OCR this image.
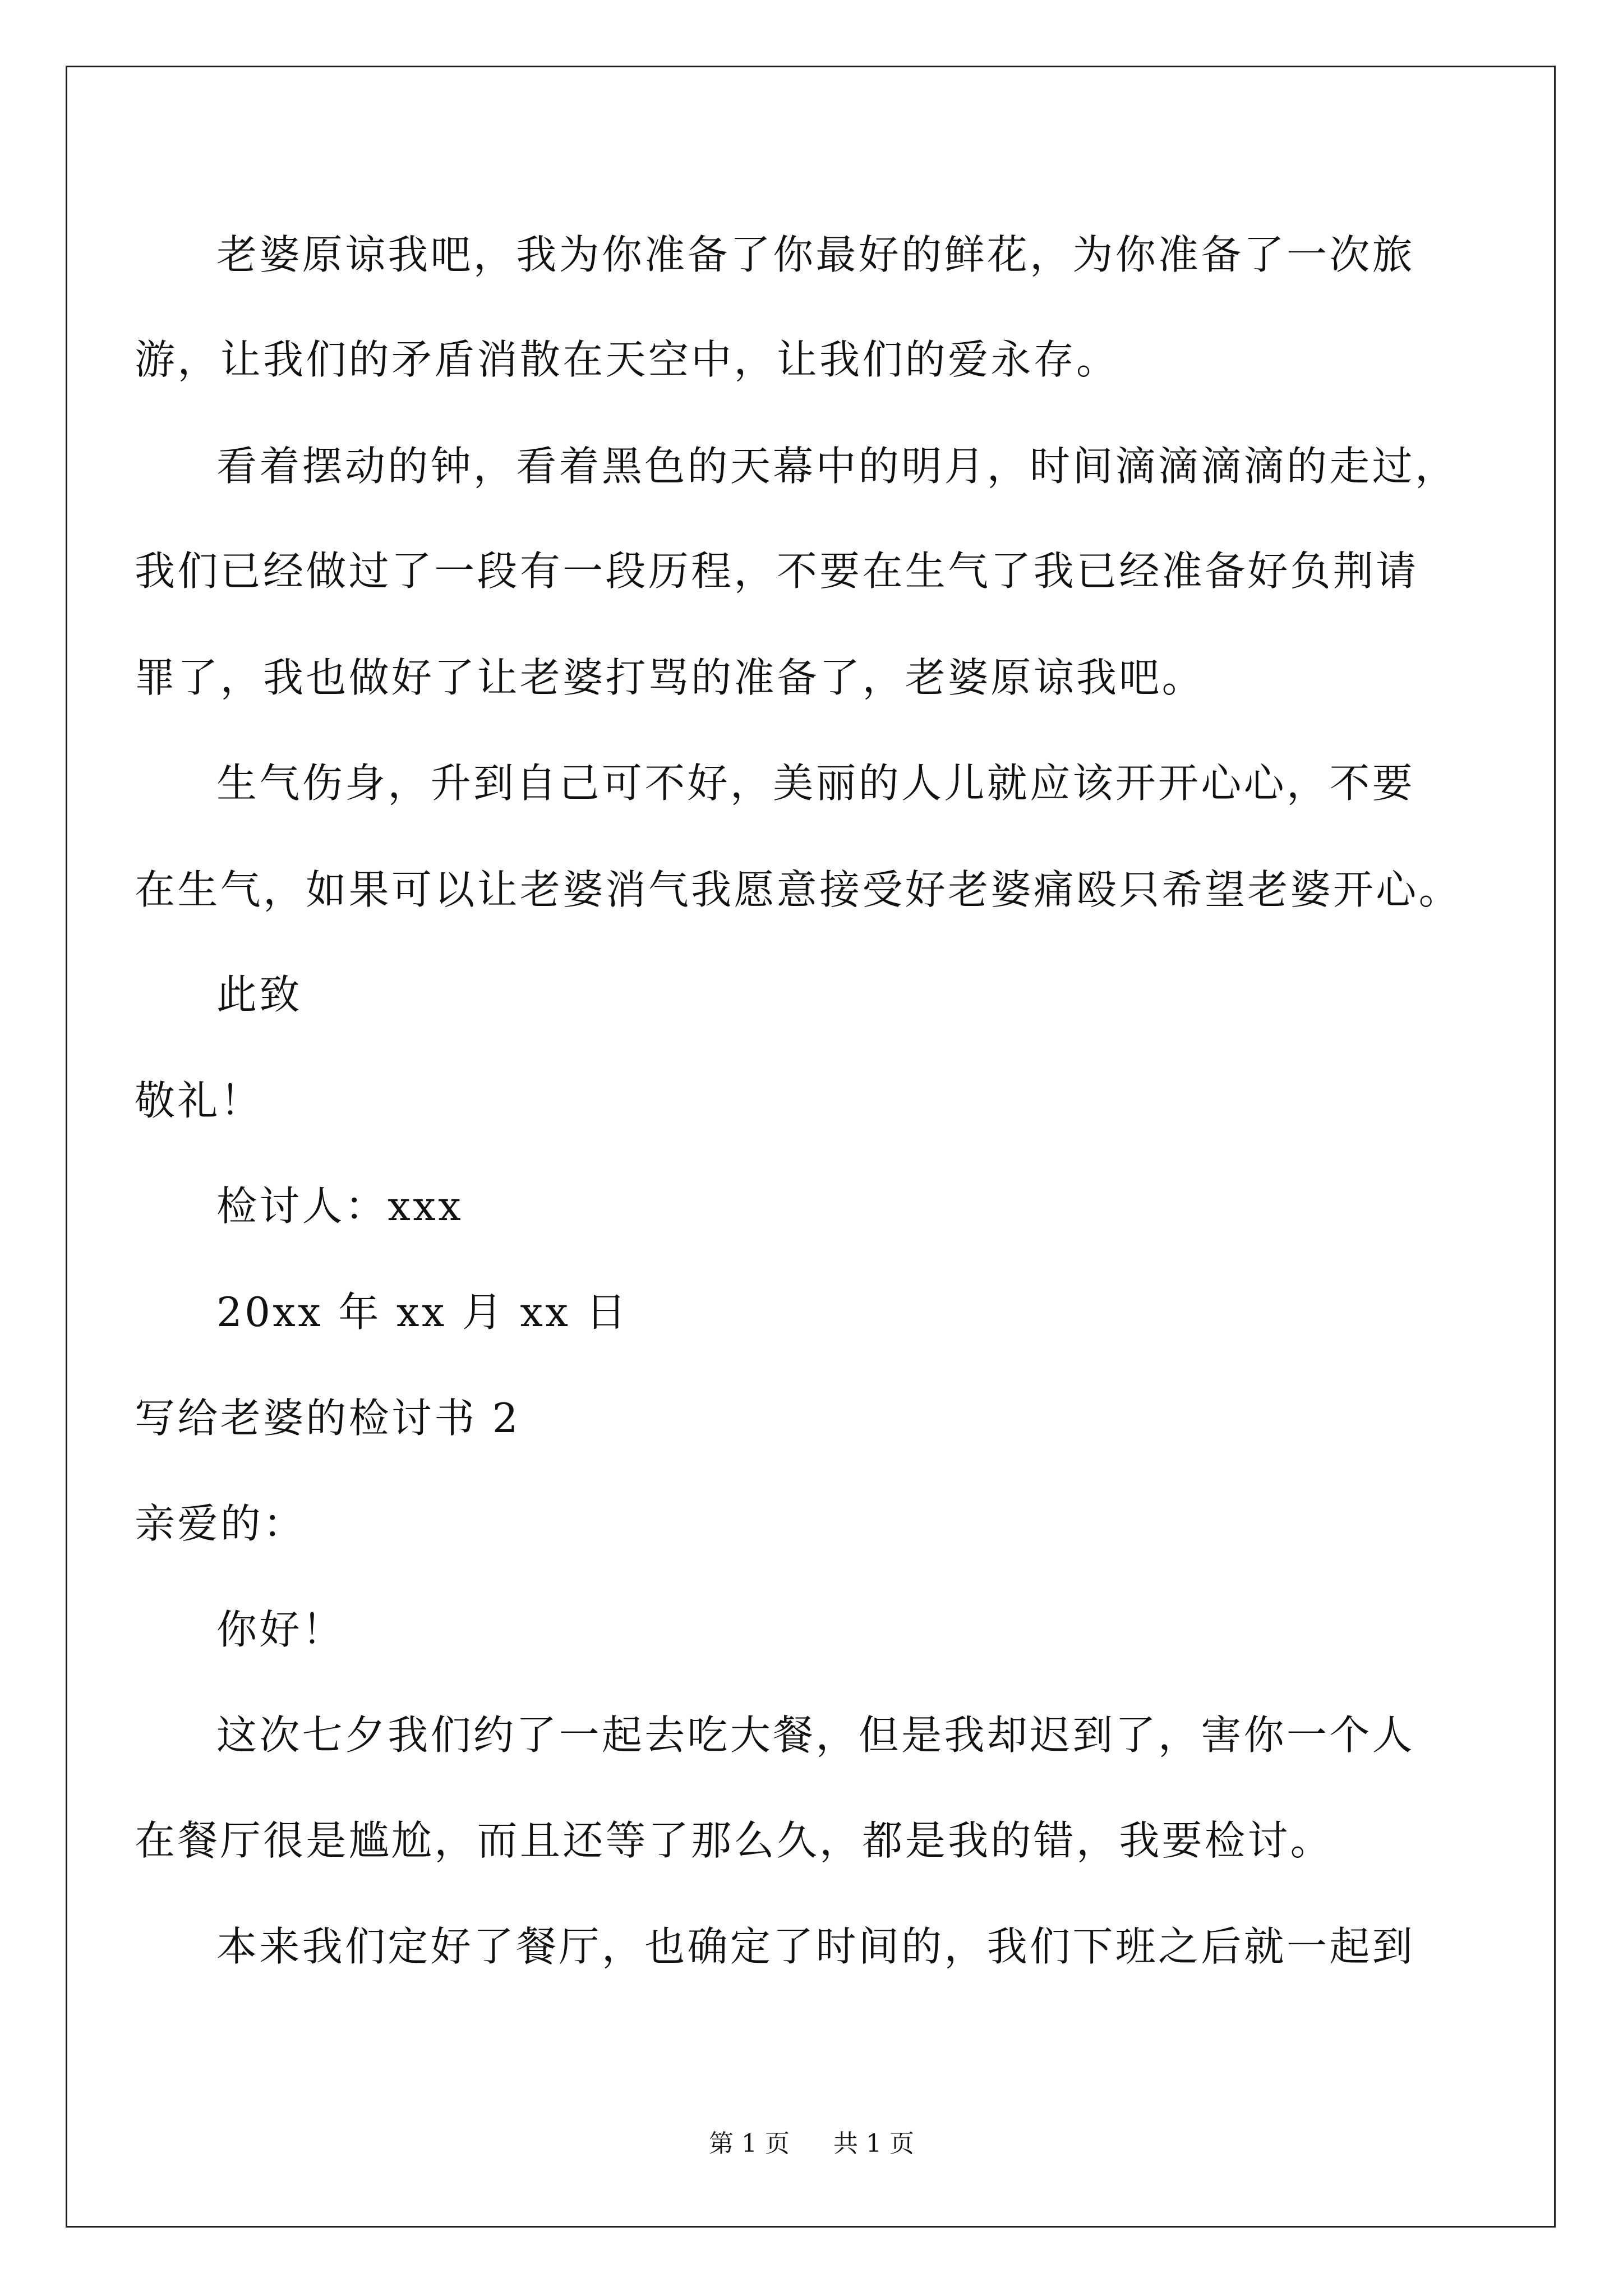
老婆原谅我吧，我为你准备了你最好的鲜花，为你准备了一次旅
游，让我们的矛盾消散在天空中，让我们的爱永存。
看着摆动的钟，看着黑色的天幕中的明月，时间滴滴滴滴的走过，
我们已经做过了一段有一段历程，不要在生气了我已经准备好负荆请
罪了，我也做好了让老婆打骂的准备了，老婆原谅我吧。
生气伤身，升到自己可不好，美丽的人儿就应该开开心心，不要
在生气，如果可以让老婆消气我愿意接受好老婆痛殴只希望老婆开心。
此致
敬礼！
检讨人：xxx
20xx 年 xx 月 xx 日
写给老婆的检讨书 2
亲爱的：
你好！
这次七夕我们约了一起去吃大餐，但是我却迟到了，害你一个人
在餐厅很是尴尬，而且还等了那么久，都是我的错，我要检讨。
本来我们定好了餐厅，也确定了时间的，我们下班之后就一起到
第 1 页 共 1 页
